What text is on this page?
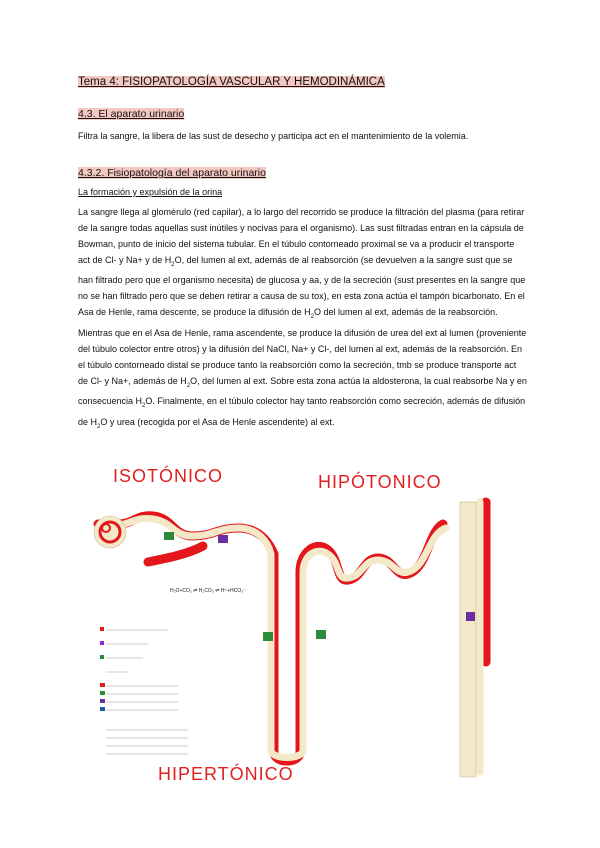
Tema 4: FISIOPATOLOGÍA VASCULAR Y HEMODINÁMICA
4.3. El aparato urinario
Filtra la sangre, la libera de las sust de desecho y participa act en el mantenimiento de la volemia.
4.3.2. Fisiopatología del aparato urinario
La formación y expulsión de la orina
La sangre llega al glomérulo (red capilar), a lo largo del recorrido se produce la filtración del plasma (para retirar de la sangre todas aquellas sust inútiles y nocivas para el organismo). Las sust filtradas entran en la cápsula de Bowman, punto de inicio del sistema tubular. En el túbulo contorneado proximal se va a producir el transporte act de Cl- y Na+ y de $H_2O$, del lumen al ext, además de al reabsorción (se devuelven a la sangre sust que se han filtrado pero que el organismo necesita) de glucosa y aa, y de la secreción (sust presentes en la sangre que no se han filtrado pero que se deben retirar a causa de su tox), en esta zona actúa el tampón bicarbonato. En el Asa de Henle, rama descente, se produce la difusión de $H_2O$ del lumen al ext, además de la reabsorción. Mientras que en el Asa de Henle, rama ascendente, se produce la difusión de urea del ext al lumen (proveniente del túbulo colector entre otros) y la difusión del NaCl, Na+ y Cl-, del lumen al ext, además de la reabsorción. En el túbulo contorneado distal se produce tanto la reabsorción como la secreción, tmb se produce transporte act de Cl- y Na+, además de $H_2O$, del lumen al ext. Sobre esta zona actúa la aldosterona, la cual reabsorbe Na y en consecuencia $H_2O$. Finalmente, en el túbulo colector hay tanto reabsorción como secreción, además de difusión de $H_2O$ y urea (recogida por el Asa de Henle ascendente) al ext.
ISOTÓNICO	HIPÓTONICO
HIPERTÓNICO
H₂O+CO₂ ⇌ H₂CO₃ ⇌ H⁺+HCO₃⁻
